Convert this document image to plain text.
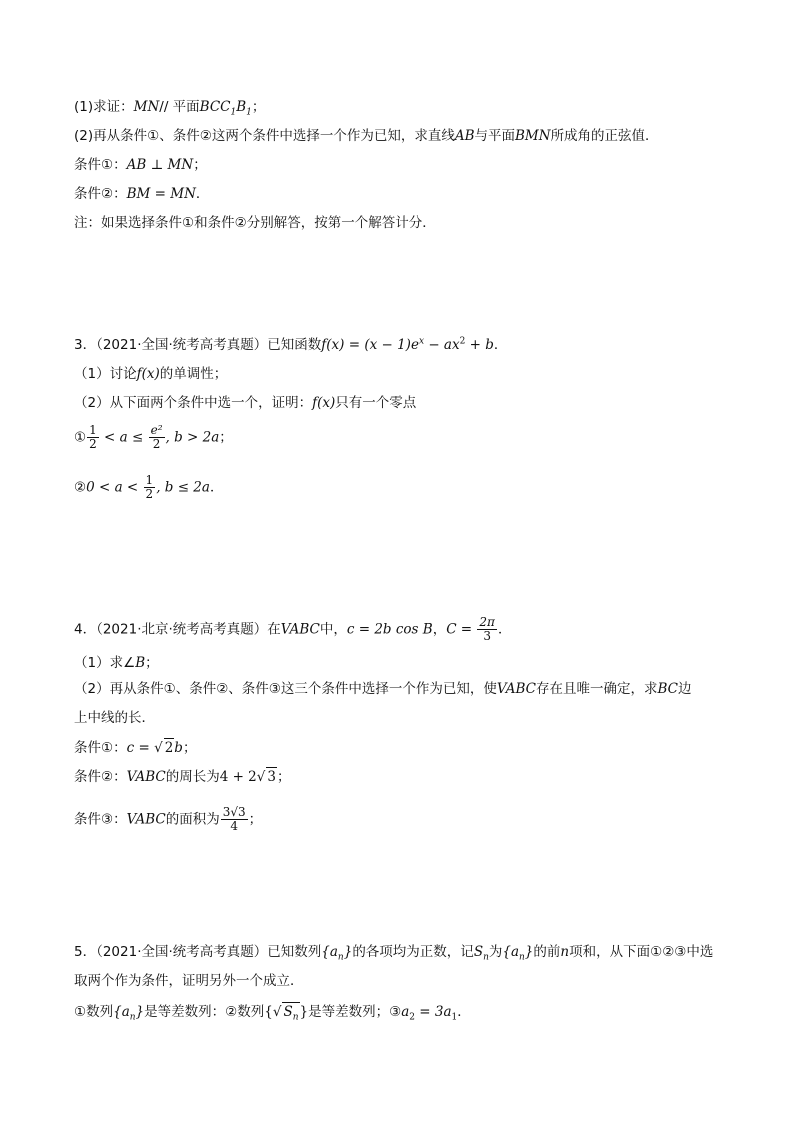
(1)求证：MN// 平面$BCC_1B_1$；
(2)再从条件①、条件②这两个条件中选择一个作为已知，求直线AB与平面BMN所成角的正弦值．
条件①：AB ⊥ MN；
条件②：BM = MN．
注：如果选择条件①和条件②分别解答，按第一个解答计分．
3．（2021·全国·统考高考真题）已知函数$f(x) = (x - 1)e^x - ax^2 + b$．
（1）讨论f(x)的单调性；
（2）从下面两个条件中选一个，证明：f(x)只有一个零点
① $\frac{1}{2} < a \le \frac{\text{e²}}{2}$ , b > 2a；
②0 < $a < \frac{1}{2}$ , b ≤ 2a．
4．（2021·北京·统考高考真题）在VABC中，c = 2b cos B，$C = \frac{2\pi}{3}$ ．
（1）求∠B；
（2）再从条件①、条件②、条件③这三个条件中选择一个作为已知，使VABC存在且唯一确定，求BC边
上中线的长．
条件①：c = √ 2b；
条件②：VABC的周长为4 + 2√ 3；
条件③：VABC的面积为 $\frac{3√3}{4}$ ；
5．（2021·全国·统考高考真题）已知数列$\{a_n\}$的各项均为正数，记$S_n$为$\{a_n\}$的前n项和，从下面①②③中选
取两个作为条件，证明另外一个成立．
①数列$\{a_n\}$是等差数列：②数列{√ $S_n$}是等差数列；$③a_2 = 3a_1$．
